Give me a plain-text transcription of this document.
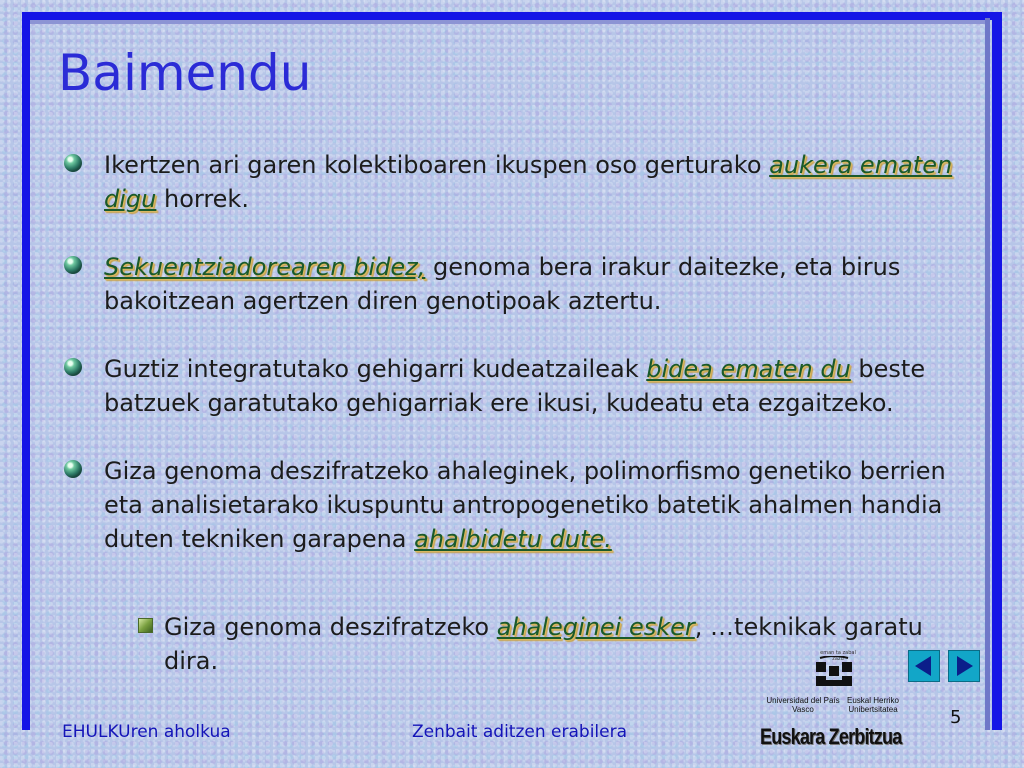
Baimendu
Ikertzen ari garen kolektiboaren ikuspen oso gerturako aukera ematen digu horrek.
Sekuentziadorearen bidez, genoma bera irakur daitezke, eta birus bakoitzean agertzen diren genotipoak aztertu.
Guztiz integratutako gehigarri kudeatzaileak bidea ematen du beste batzuek garatutako gehigarriak ere ikusi, kudeatu eta ezgaitzeko.
Giza genoma deszifratzeko ahaleginek, polimorfismo genetiko berrien eta analisietarako ikuspuntu antropogenetiko batetik ahalmen handia duten tekniken garapena ahalbidetu dute.
Giza genoma deszifratzeko ahaleginei esker, …teknikak garatu dira.	eman ta zabal zazu
Universidad del País Vasco
Euskal Herriko Unibertsitatea
Euskara Zerbitzua
5
EHULKUren aholkua	Zenbait aditzen erabilera
